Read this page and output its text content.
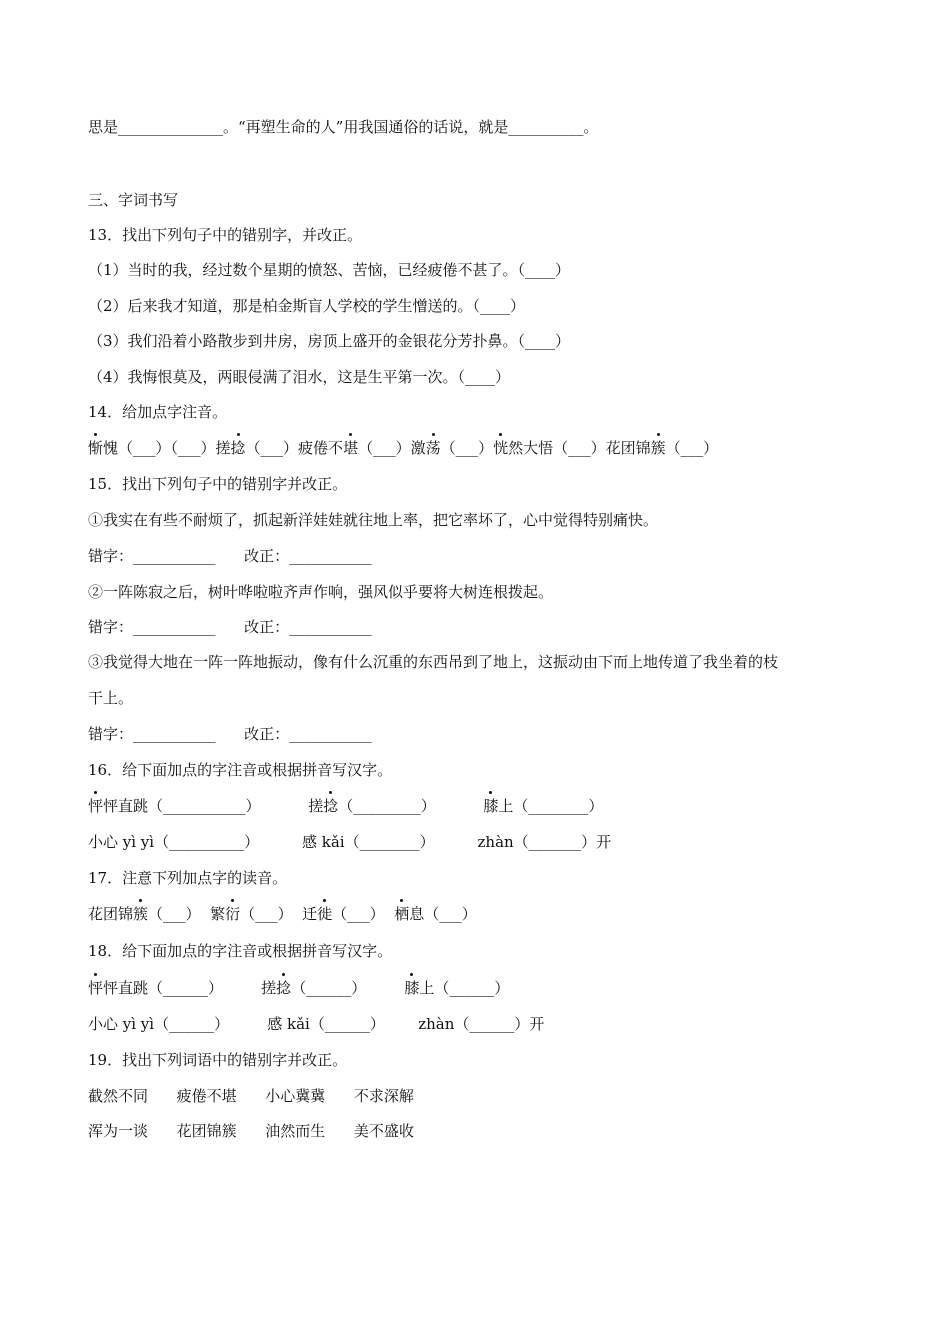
思是______________。“再塑生命的人”用我国通俗的话说，就是__________。
三、字词书写
13．找出下列句子中的错别字，并改正。
（1）当时的我，经过数个星期的愤怒、苦恼，已经疲倦不甚了。（____）
（2）后来我才知道，那是柏金斯盲人学校的学生憎送的。（____）
（3）我们沿着小路散步到井房，房顶上盛开的金银花分芳扑鼻。（____）
（4）我悔恨莫及，两眼侵满了泪水，这是生平第一次。（____）
14．给加点字注音。
惭愧（___）（___）搓捻（___）疲倦不堪（___）激荡（___）恍然大悟（___）花团锦簇（___）
15．找出下列句子中的错别字并改正。
①我实在有些不耐烦了，抓起新洋娃娃就往地上率，把它率坏了，心中觉得特别痛快。
错字：___________      改正：___________
②一阵陈寂之后，树叶哗啦啦齐声作响，强风似乎要将大树连根拨起。
错字：___________      改正：___________
③我觉得大地在一阵一阵地振动，像有什么沉重的东西吊到了地上，这振动由下而上地传道了我坐着的枝
干上。
错字：___________      改正：___________
16．给下面加点的字注音或根据拼音写汉字。
怦怦直跳（___________）          搓捻（_________）          膝上（________）
小心 yì yì（__________）         感 kǎi（________）         zhàn（_______）开
17．注意下列加点字的读音。
花团锦簇（___）  繁衍（___）  迁徙（___）  栖息（___）
18．给下面加点的字注音或根据拼音写汉字。
怦怦直跳（______）        搓捻（______）        膝上（______）
小心 yì yì（______）        感 kǎi（______）       zhàn（______）开
19．找出下列词语中的错别字并改正。
截然不同      疲倦不堪      小心冀冀      不求深解
浑为一谈      花团锦簇      油然而生      美不盛收
